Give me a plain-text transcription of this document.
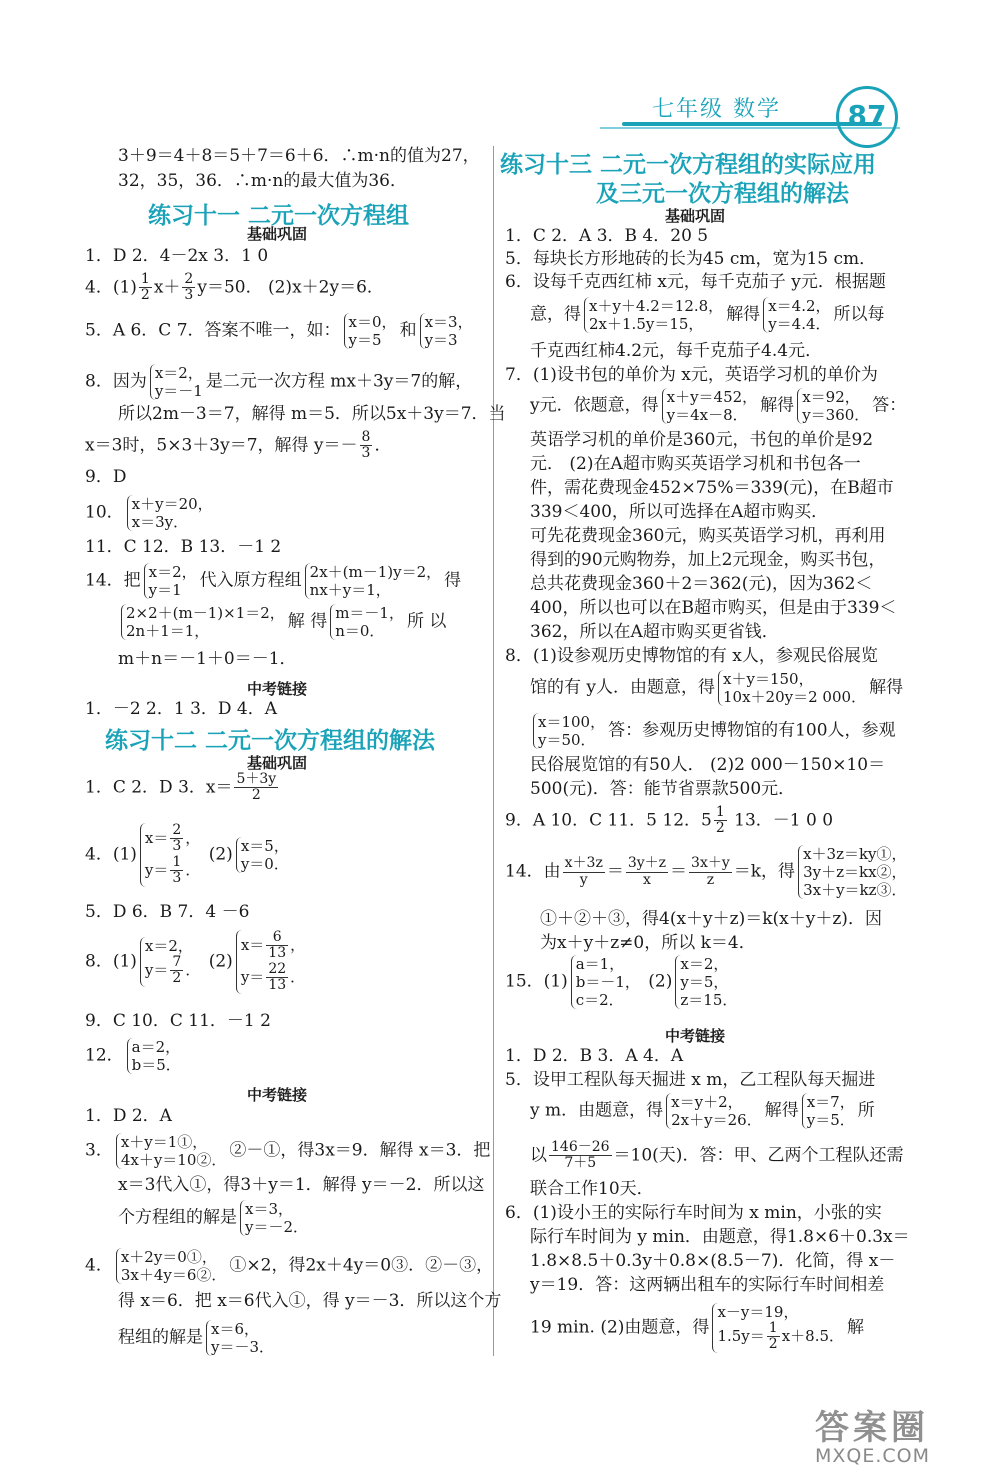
七年级 数学	87
3＋9＝4＋8＝5＋7＝6＋6．∴m·n的值为27，
32，35，36．∴m·n的最大值为36．
练习十一 二元一次方程组
基础巩固
1．D 2．4－2x 3．1 0
4．$(1) \frac{1}{2} x+ \frac{2}{3} y=50$． (2)x＋2y＝6．
5．A 6．C 7．答案不唯一，如： x＝0，
y＝5 和 x＝3，
y＝3
8．因为 x＝2，
y＝－1 是二元一次方程 mx＋3y＝7的解，
所以2m－3＝7，解得 m＝5．所以5x＋3y＝7．当
x＝3时，5×3＋3y＝7，解得 $y=- \frac{8}{3}$ ．
9．D
10． x＋y＝20，
x＝3y．
11．C 12．B 13．－1 2
14．把 x＝2，
y＝1 代入原方程组 2x＋(m－1)y＝2，
nx＋y＝1，	得
2×2＋(m－1)×1＝2，
2n＋1＝1，	解 得 m＝－1，
n＝0． 所 以
m＋n＝－1＋0＝－1．
中考链接
1．－2 2．1 3．D 4．A
练习十二 二元一次方程组的解法
基础巩固
1．C 2．D 3．$x= \frac{5+3y}{2}$
4．$(1)x= \frac{2}{3}$ ，
$y= \frac{1}{3}$ ． (2) x＝5，
y＝0．
5．D 6．B 7．4 －6
8．(1)x＝2，
$y= \frac{7}{2}$ ． $(2)x= \frac{6}{13}$ ，
$y= \frac{22}{13}$ ．
9．C 10．C 11．－1 2
12． a＝2，
b＝5．
中考链接
1．D 2．A
3． x＋y＝1①，
4x＋y＝10②． ②－①，得3x＝9．解得 x＝3．把
x＝3代入①，得3＋y＝1．解得 y＝－2．所以这
个方程组的解是 x＝3，
y＝－2．
4． x＋2y＝0①，
3x＋4y＝6②． ①×2，得2x＋4y＝0③．②－③，
得 x＝6．把 x＝6代入①，得 y＝－3．所以这个方
程组的解是 x＝6，
y＝－3．
练习十三 二元一次方程组的实际应用
及三元一次方程组的解法
基础巩固
1．C 2．A 3．B 4．20 5
5．每块长方形地砖的长为45 cm，宽为15 cm．
6．设每千克西红柿 x元，每千克茄子 y元．根据题
意，得 x＋y＋4.2＝12.8，
2x＋1.5y＝15， 解得 x＝4.2，
y＝4.4． 所以每
千克西红柿4.2元，每千克茄子4.4元．
7．(1)设书包的单价为 x元，英语学习机的单价为
y元．依题意，得 x＋y＝452，
y＝4x－8． 解得 x＝92，
y＝360． 答：
英语学习机的单价是360元，书包的单价是92
元． (2)在A超市购买英语学习机和书包各一
件，需花费现金452×75%＝339(元)，在B超市
339＜400，所以可选择在A超市购买．
可先花费现金360元，购买英语学习机，再利用
得到的90元购物券，加上2元现金，购买书包，
总共花费现金360＋2＝362(元)，因为362＜
400，所以也可以在B超市购买，但是由于339＜
362，所以在A超市购买更省钱．
8．(1)设参观历史博物馆的有 x人，参观民俗展览
馆的有 y人．由题意，得 x＋y＝150，
10x＋20y＝2 000． 解得
x＝100，
y＝50． 答：参观历史博物馆的有100人，参观
民俗展览馆的有50人． (2)2 000－150×10＝
500(元)．答：能节省票款500元．
9．A 10．C 11．5 12．$5 \frac{1}{2} 13$．－1 0 0
14．由 $\frac{x+3z}{y} = \frac{3y+z}{x} = \frac{3x+y}{z} =k$，得x＋3z＝ky①，
3y＋z＝kx②，
3x＋y＝kz③．
①＋②＋③，得4(x＋y＋z)＝k(x＋y＋z)．因
为x＋y＋z≠0，所以 k＝4．
15．(1)a＝1，
b＝－1，
c＝2． (2)x＝2，
y＝5，
z＝15．
中考链接
1．D 2．B 3．A 4．A
5．设甲工程队每天掘进 x m，乙工程队每天掘进
y m．由题意，得 x＝y＋2，
2x＋y＝26． 解得 x＝7，
y＝5． 所
以 $\frac{146-26}{7+5} =10$(天)．答：甲、乙两个工程队还需
联合工作10天．
6．(1)设小王的实际行车时间为 x min，小张的实
际行车时间为 y min．由题意，得1.8×6＋0.3x＝
1.8×8.5＋0.3y＋0.8×(8.5－7)．化简，得 x－
y＝19．答：这两辆出租车的实际行车时间相差
19 min. (2)由题意，得x－y＝19，
$1.5y= \frac{1}{2} x+8.5$． 解
答案圈
MXQE.COM
